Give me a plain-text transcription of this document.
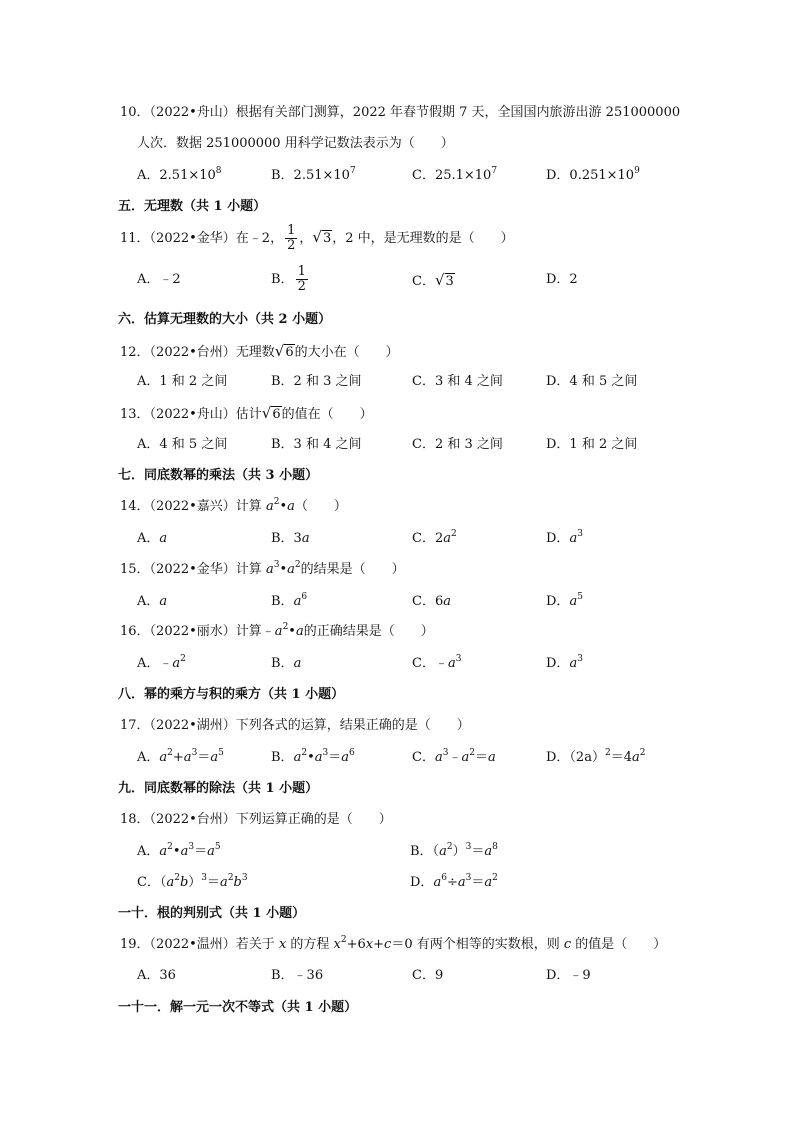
10．（2022•舟山）根据有关部门测算，2022 年春节假期 7 天，全国国内旅游出游 251000000
人次．数据 251000000 用科学记数法表示为（　　）
A．$2.51\times 10^8$	B．$2.51\times 10^7$	C．$25.1\times 10^7$	D．$0.251\times 10^9$
五．无理数（共 1 小题）
11．（2022•金华）在﹣2， $\frac{1}{2}$ ，√3，2 中，是无理数的是（　　）
A．﹣2	B． $\frac{1}{2}$	C．√3	D．2
六．估算无理数的大小（共 2 小题）
12．（2022•台州）无理数√6的大小在（　　）
A．1 和 2 之间	B．2 和 3 之间	C．3 和 4 之间	D．4 和 5 之间
13．（2022•舟山）估计√6的值在（　　）
A．4 和 5 之间	B．3 和 4 之间	C．2 和 3 之间	D．1 和 2 之间
七．同底数幂的乘法（共 3 小题）
14．（2022•嘉兴）计算 $a^2•a$（　　）
A．a	B．3a	C．$2a^2$	D．$a^3$
15．（2022•金华）计算 $a^3•a^2$的结果是（　　）
A．a	B．$a^6$	C．6a	D．$a^5$
16．（2022•丽水）计算$﹣a^2•a$的正确结果是（　　）
A．$﹣a^2$	B．a	C．$﹣a^3$	D．$a^3$
八．幂的乘方与积的乘方（共 1 小题）
17．（2022•湖州）下列各式的运算，结果正确的是（　　）
A．$a^2+a^3=a^5$	B．$a^2•a^3=a^6$	C．$a^3﹣a^2=a$	D．$(2a)^2=4a^2$
九．同底数幂的除法（共 1 小题）
18．（2022•台州）下列运算正确的是（　　）
A．$a^2•a^3=a^5$	B．$(a^2)^3=a^8$
C．$(a^2b)^3=a^2b^3$	D．$a^6\div a^3=a^2$
一十．根的判别式（共 1 小题）
19．（2022•温州）若关于 x 的方程 $x^2+6x+c=0$ 有两个相等的实数根，则 c 的值是（　　）
A．36	B．﹣36	C．9	D．﹣9
一十一．解一元一次不等式（共 1 小题）
